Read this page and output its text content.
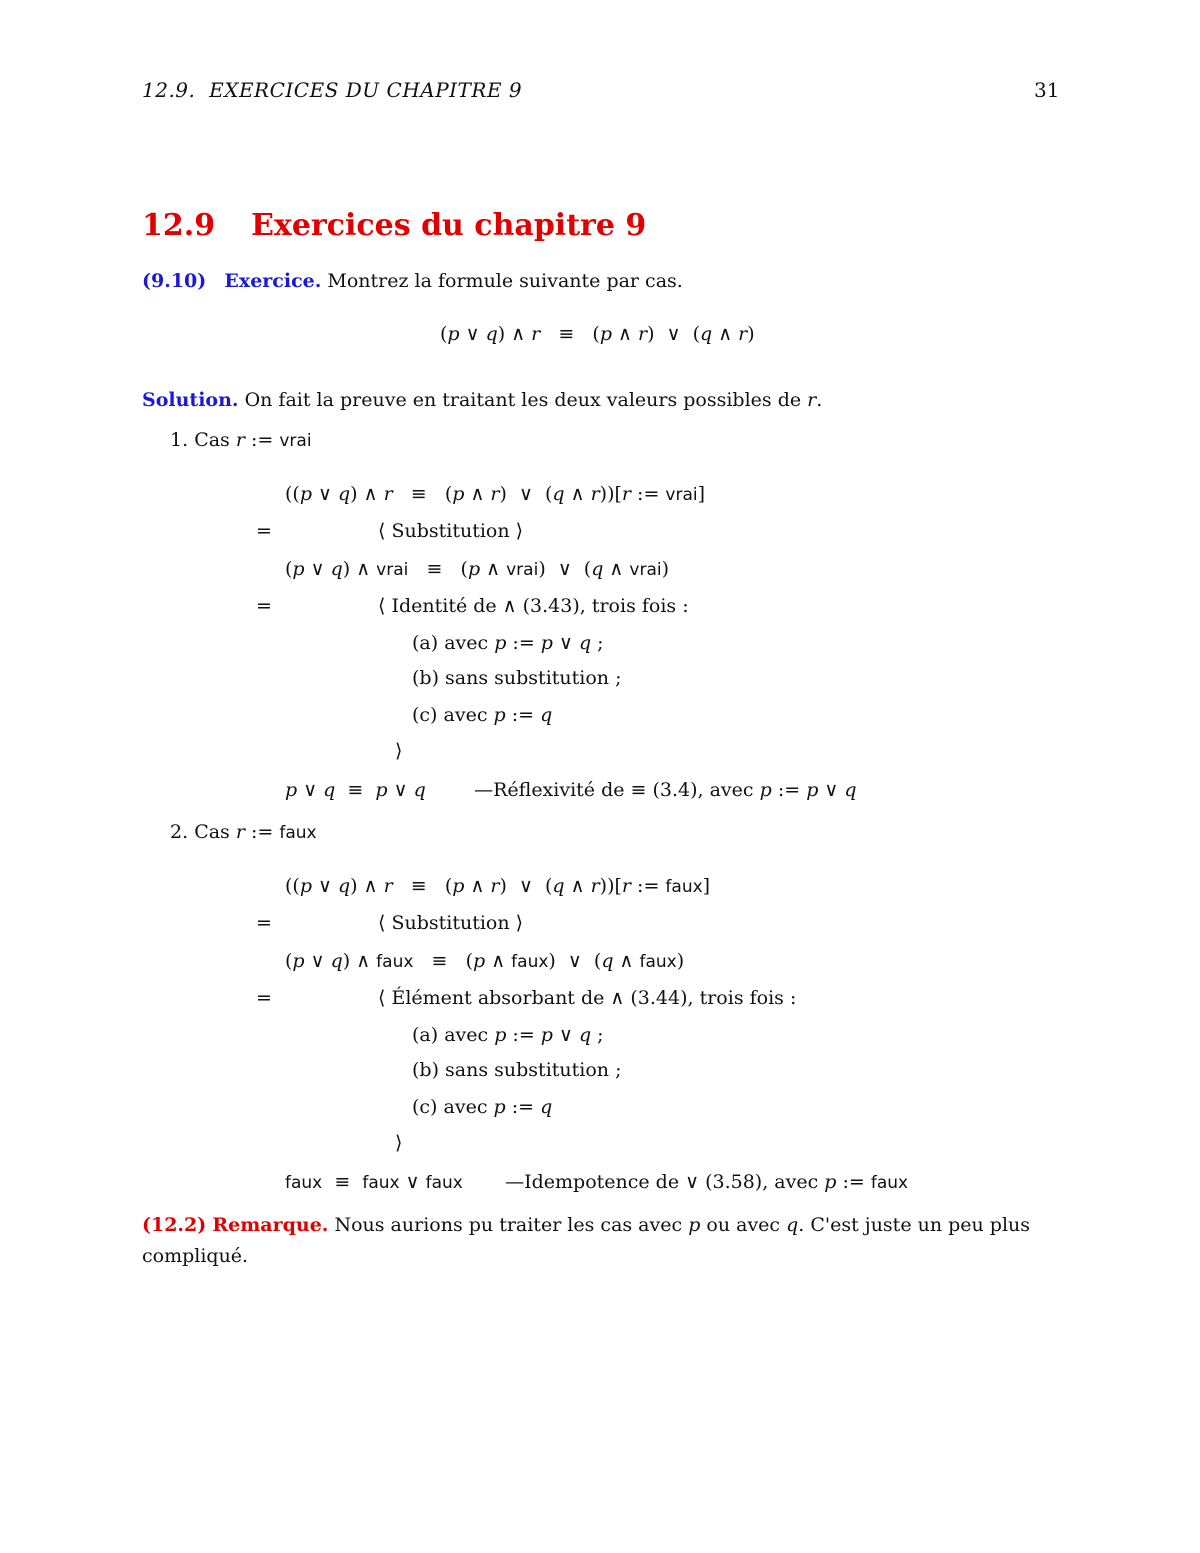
12.9.  EXERCICES DU CHAPITRE 9	31
12.9 Exercices du chapitre 9
(9.10) Exercice. Montrez la formule suivante par cas.
(p ∨ q) ∧ r   ≡   (p ∧ r)  ∨  (q ∧ r)
Solution. On fait la preuve en traitant les deux valeurs possibles de r.
1. Cas r := vrai
((p ∨ q) ∧ r   ≡   (p ∧ r)  ∨  (q ∧ r))[r := vrai]
=	⟨ Substitution ⟩
(p ∨ q) ∧ vrai   ≡   (p ∧ vrai)  ∨  (q ∧ vrai)
=	⟨ Identité de ∧ (3.43), trois fois :
(a) avec p := p ∨ q ;
(b) sans substitution ;
(c) avec p := q
⟩
p ∨ q  ≡  p ∨ q	—Réflexivité de ≡ (3.4), avec p := p ∨ q
2. Cas r := faux
((p ∨ q) ∧ r   ≡   (p ∧ r)  ∨  (q ∧ r))[r := faux]
=	⟨ Substitution ⟩
(p ∨ q) ∧ faux   ≡   (p ∧ faux)  ∨  (q ∧ faux)
=	⟨ Élément absorbant de ∧ (3.44), trois fois :
(a) avec p := p ∨ q ;
(b) sans substitution ;
(c) avec p := q
⟩
faux  ≡  faux ∨ faux —Idempotence de ∨ (3.58), avec p := faux
(12.2) Remarque. Nous aurions pu traiter les cas avec p ou avec q. C'est juste un peu plus compliqué.
